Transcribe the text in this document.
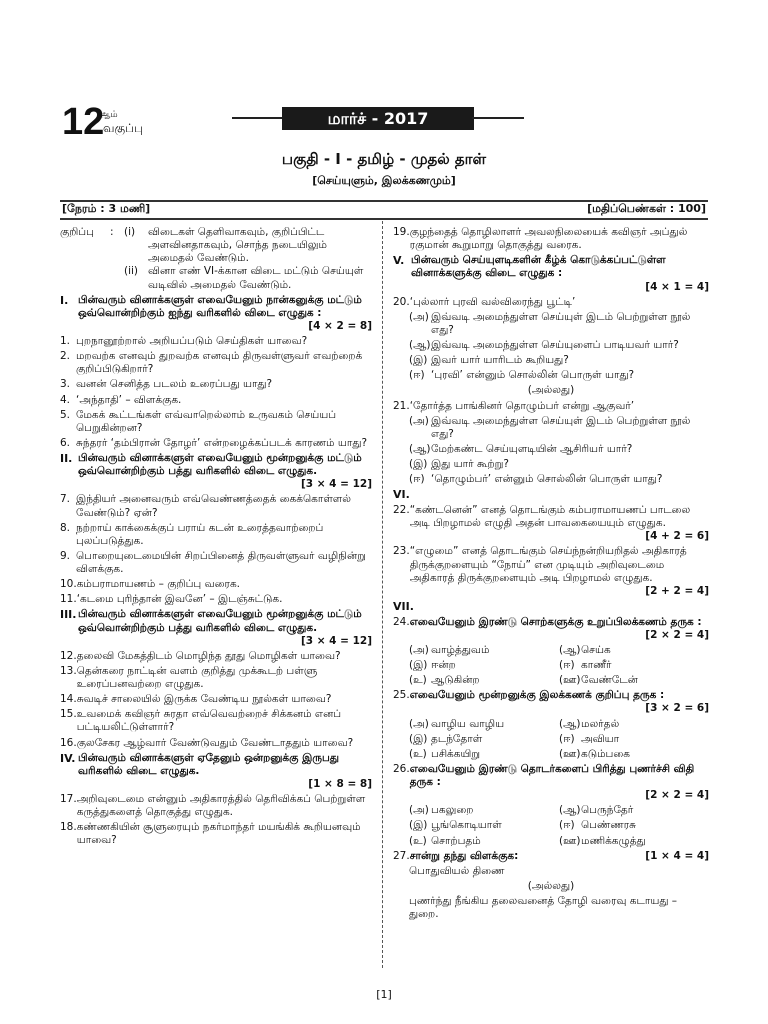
12
ஆம்
வகுப்பு	மார்ச் - 2017
பகுதி - I - தமிழ் - முதல் தாள்
[செய்யுளும், இலக்கணமும்]
[நேரம் : 3 மணி]	[மதிப்பெண்கள் : 100]
குறிப்பு	: (i)	விடைகள் தெளிவாகவும், குறிப்பிட்ட அளவினதாகவும், சொந்த நடையிலும் அமைதல் வேண்டும்.
(ii) வினா எண் VI-க்கான விடை மட்டும் செய்யுள் வடிவில் அமைதல் வேண்டும்.
I. பின்வரும் வினாக்களுள் எவையேனும் நான்கனுக்கு மட்டும் ஒவ்வொன்றிற்கும் ஐந்து வரிகளில் விடை எழுதுக :
[4 × 2 = 8]
1. புறநானூற்றால் அறியப்படும் செய்திகள் யாவை?
2. மறவற்க எனவும் துறவற்க எனவும் திருவள்ளுவர் எவற்றைக் குறிப்பிடுகிறார்?
3. வனன் செனித்த படலம் உரைப்பது யாது?
4. ‘அந்தாதி’ – விளக்குக.
5. மேகக் கூட்டங்கள் எவ்வாறெல்லாம் உருவகம் செய்யப் பெறுகின்றன?
6. சுந்தரர் ‘தம்பிரான் தோழர்’ என்றழைக்கப்படக் காரணம் யாது?
II. பின்வரும் வினாக்களுள் எவையேனும் மூன்றனுக்கு மட்டும் ஒவ்வொன்றிற்கும் பத்து வரிகளில் விடை எழுதுக.
[3 × 4 = 12]
7. இந்தியர் அனைவரும் எவ்வெண்ணத்தைக் கைக்கொள்ளல் வேண்டும்? ஏன்?
8. நற்றாய் காக்கைக்குப் பராய் கடன் உரைத்தவாற்றைப் புலப்படுத்துக.
9. பொறையுடைமையின் சிறப்பினைத் திருவள்ளுவர் வழிநின்று விளக்குக.
10. கம்பராமாயணம் – குறிப்பு வரைக.
11. ‘கடமை புரிந்தான் இவனே’ – இடஞ்சுட்டுக.
III. பின்வரும் வினாக்களுள் எவையேனும் மூன்றனுக்கு மட்டும் ஒவ்வொன்றிற்கும் பத்து வரிகளில் விடை எழுதுக.
[3 × 4 = 12]
12. தலைவி மேகத்திடம் மொழிந்த தூது மொழிகள் யாவை?
13. தென்கரை நாட்டின் வளம் குறித்து முக்கூடற் பள்ளு உரைப்பனவற்றை எழுதுக.
14. சுவடிச் சாலையில் இருக்க வேண்டிய நூல்கள் யாவை?
15. உவமைக் கவிஞர் சுரதா எவ்வெவற்றைச் சிக்கனம் எனப் பட்டியலிட்டுள்ளார்?
16. குலசேகர ஆழ்வார் வேண்டுவதும் வேண்டாததும் யாவை?
IV. பின்வரும் வினாக்களுள் ஏதேனும் ஒன்றனுக்கு இருபது வரிகளில் விடை எழுதுக.
[1 × 8 = 8]
17. அறிவுடைமை என்னும் அதிகாரத்தில் தெரிவிக்கப் பெற்றுள்ள கருத்துகளைத் தொகுத்து எழுதுக.
18. கண்ணகியின் சூளுரையும் நகர்மாந்தர் மயங்கிக் கூறியனவும் யாவை?
19. குழந்தைத் தொழிலாளர் அவலநிலையைக் கவிஞர் அப்துல் ரகுமான் கூறுமாறு தொகுத்து வரைக.
V. பின்வரும் செய்யுளடிகளின் கீழ்க் கொடுக்கப்பட்டுள்ள வினாக்களுக்கு விடை எழுதுக :
[4 × 1 = 4]
20. ‘புல்லார் புரவி வல்விரைந்து பூட்டி’
(அ) இவ்வடி அமைந்துள்ள செய்யுள் இடம் பெற்றுள்ள நூல் எது?
(ஆ) இவ்வடி அமைந்துள்ள செய்யுளைப் பாடியவர் யார்?
(இ) இவர் யார் யாரிடம் கூறியது?
(ஈ) ‘புரவி’ என்னும் சொல்லின் பொருள் யாது?
(அல்லது)
21. ‘தோர்த்த பாங்கினர் தொழும்பர் என்று ஆகுவர்’
(அ) இவ்வடி அமைந்துள்ள செய்யுள் இடம் பெற்றுள்ள நூல் எது?
(ஆ) மேற்கண்ட செய்யுளடியின் ஆசிரியர் யார்?
(இ) இது யார் கூற்று?
(ஈ) ‘தொழும்பர்’ என்னும் சொல்லின் பொருள் யாது?
VI.
22. “கண்டனென்” எனத் தொடங்கும் கம்பராமாயணப் பாடலை அடி பிறழாமல் எழுதி அதன் பாவகையையும் எழுதுக.
[4 + 2 = 6]
23. “எழுமை” எனத் தொடங்கும் செய்ந்நன்றியறிதல் அதிகாரத் திருக்குறளையும் “நோய்” என முடியும் அறிவுடைமை அதிகாரத் திருக்குறளையும் அடி பிறழாமல் எழுதுக.
[2 + 2 = 4]
VII.
24. எவையேனும் இரண்டு சொற்களுக்கு உறுப்பிலக்கணம் தருக :
[2 × 2 = 4]
(அ) வாழ்த்துவம்	(ஆ) செய்க
(இ) ஈன்ற	(ஈ) காணீர்
(உ) ஆடுகின்ற	(ஊ) வேண்டேன்
25. எவையேனும் மூன்றனுக்கு இலக்கணக் குறிப்பு தருக :
[3 × 2 = 6]
(அ) வாழிய வாழிய	(ஆ) மலர்தல்
(இ) தடந்தோள்	(ஈ) அவியா
(உ) பசிக்கயிறு	(ஊ) கடும்பகை
26. எவையேனும் இரண்டு தொடர்களைப் பிரித்து புணர்ச்சி விதி தருக :
[2 × 2 = 4]
(அ) பகலுறை	(ஆ) பெருந்தேர்
(இ) பூங்கொடியாள்	(ஈ) பெண்ணரசு
(உ) சொற்பதம்	(ஊ) மணிக்கழுத்து
27. சான்று தந்து விளக்குக:	[1 × 4 = 4]
பொதுவியல் திணை
(அல்லது)
புணர்ந்து நீங்கிய தலைவனைத் தோழி வரைவு கடாயது – துறை.
[1]
